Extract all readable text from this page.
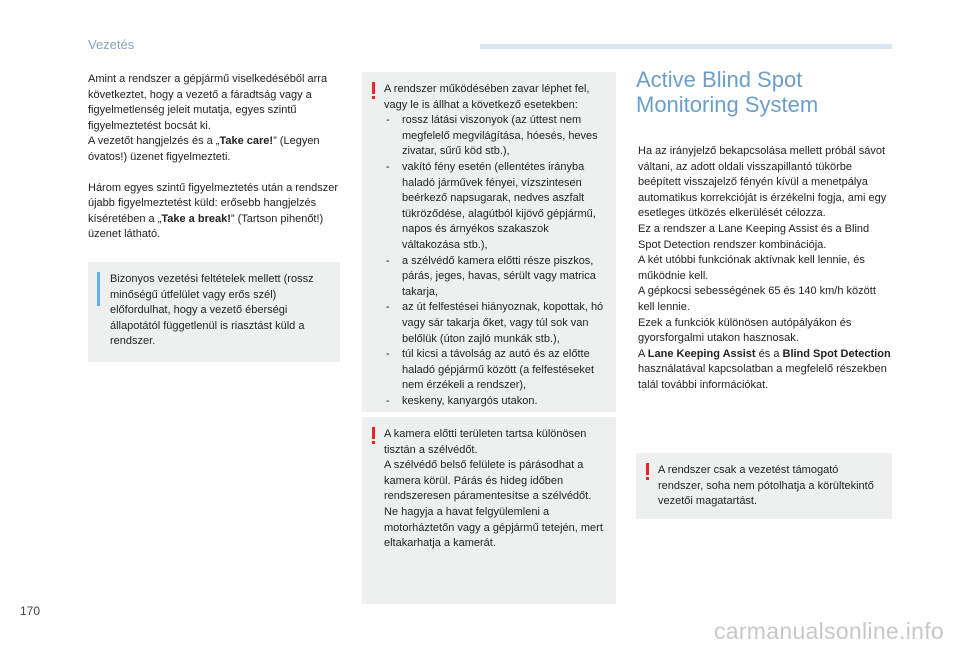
Vezetés

Amint a rendszer a gépjármű viselkedéséből arra következtet, hogy a vezető a fáradtság vagy a figyelmetlenség jeleit mutatja, egyes szintű figyelmeztetést bocsát ki.

A vezetőt hangjelzés és a „Take care!” (Legyen óvatos!) üzenet figyelmezteti.

Három egyes szintű figyelmeztetés után a rendszer újabb figyelmeztetést küld: erősebb hangjelzés kíséretében a „Take a break!” (Tartson pihenőt!) üzenet látható.

Bizonyos vezetési feltételek mellett (rossz minőségű útfelület vagy erős szél) előfordulhat, hogy a vezető éberségi állapotától függetlenül is riasztást küld a rendszer.

A rendszer működésében zavar léphet fel, vagy le is állhat a következő esetekben:

- rossz látási viszonyok (az úttest nem megfelelő megvilágítása, hóesés, heves zivatar, sűrű köd stb.),
- vakító fény esetén (ellentétes irányba haladó járművek fényei, vízszintesen beérkező napsugarak, nedves aszfalt tükröződése, alagútból kijövő gépjármű, napos és árnyékos szakaszok váltakozása stb.),
- a szélvédő kamera előtti része piszkos, párás, jeges, havas, sérült vagy matrica takarja,
- az út felfestései hiányoznak, kopottak, hó vagy sár takarja őket, vagy túl sok van belőlük (úton zajló munkák stb.),
- túl kicsi a távolság az autó és az előtte haladó gépjármű között (a felfestéseket nem érzékeli a rendszer),
- keskeny, kanyargós utakon.

A kamera előtti területen tartsa különösen tisztán a szélvédőt.
A szélvédő belső felülete is párásodhat a kamera körül. Párás és hideg időben rendszeresen páramentesítse a szélvédőt.
Ne hagyja a havat felgyülemleni a motorháztetőn vagy a gépjármű tetején, mert eltakarhatja a kamerát.

Active Blind Spot
Monitoring System

Ha az irányjelző bekapcsolása mellett próbál sávot váltani, az adott oldali visszapillantó tükörbe beépített visszajelző fényén kívül a menetpálya automatikus korrekcióját is érzékelni fogja, ami egy esetleges ütközés elkerülését célozza.

Ez a rendszer a Lane Keeping Assist és a Blind Spot Detection rendszer kombinációja.

A két utóbbi funkciónak aktívnak kell lennie, és működnie kell.

A gépkocsi sebességének 65 és 140 km/h között kell lennie.

Ezek a funkciók különösen autópályákon és gyorsforgalmi utakon hasznosak.

A Lane Keeping Assist és a Blind Spot Detection használatával kapcsolatban a megfelelő részekben talál további információkat.

A rendszer csak a vezetést támogató rendszer, soha nem pótolhatja a körültekintő vezetői magatartást.

170
carmanualsonline.info
